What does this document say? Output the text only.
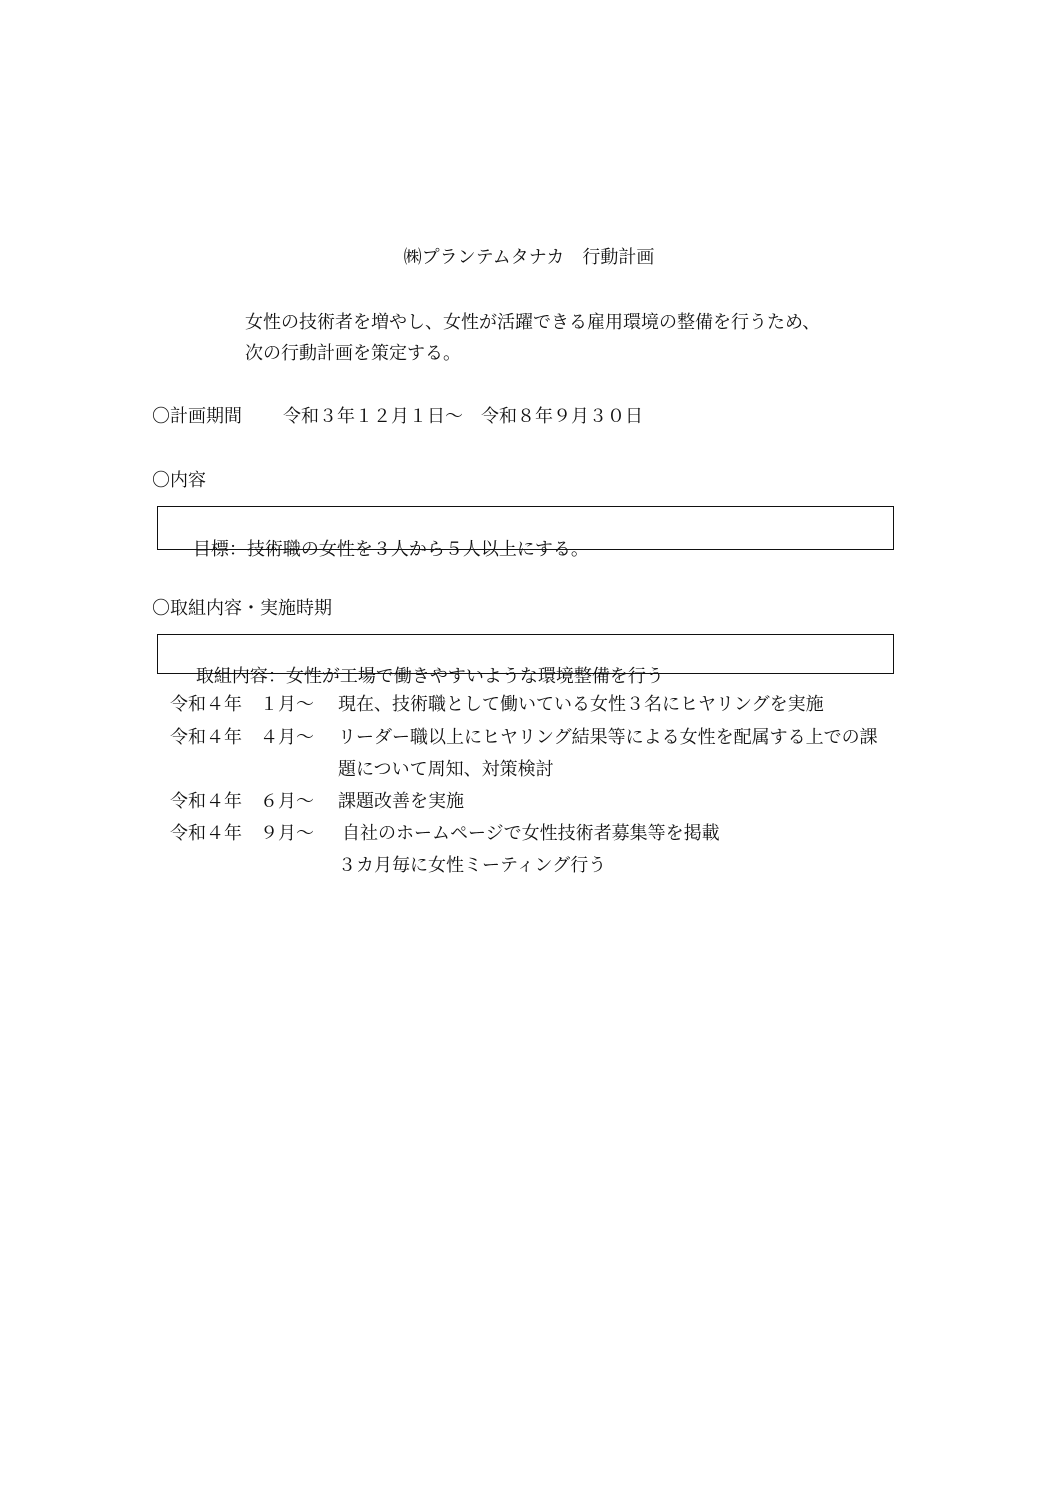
㈱プランテムタナカ　行動計画
女性の技術者を増やし、女性が活躍できる雇用環境の整備を行うため、
次の行動計画を策定する。
〇計画期間 令和３年１２月１日～　令和８年９月３０日
〇内容

目標：技術職の女性を３人から５人以上にする。

〇取組内容・実施時期

取組内容：女性が工場で働きやすいような環境整備を行う

令和４年　１月～

現在、技術職として働いている女性３名にヒヤリングを実施

令和４年　４月～

リーダー職以上にヒヤリング結果等による女性を配属する上での課

題について周知、対策検討

令和４年　６月～

課題改善を実施

令和４年　９月～

自社のホームページで女性技術者募集等を掲載

３カ月毎に女性ミーティング行う
